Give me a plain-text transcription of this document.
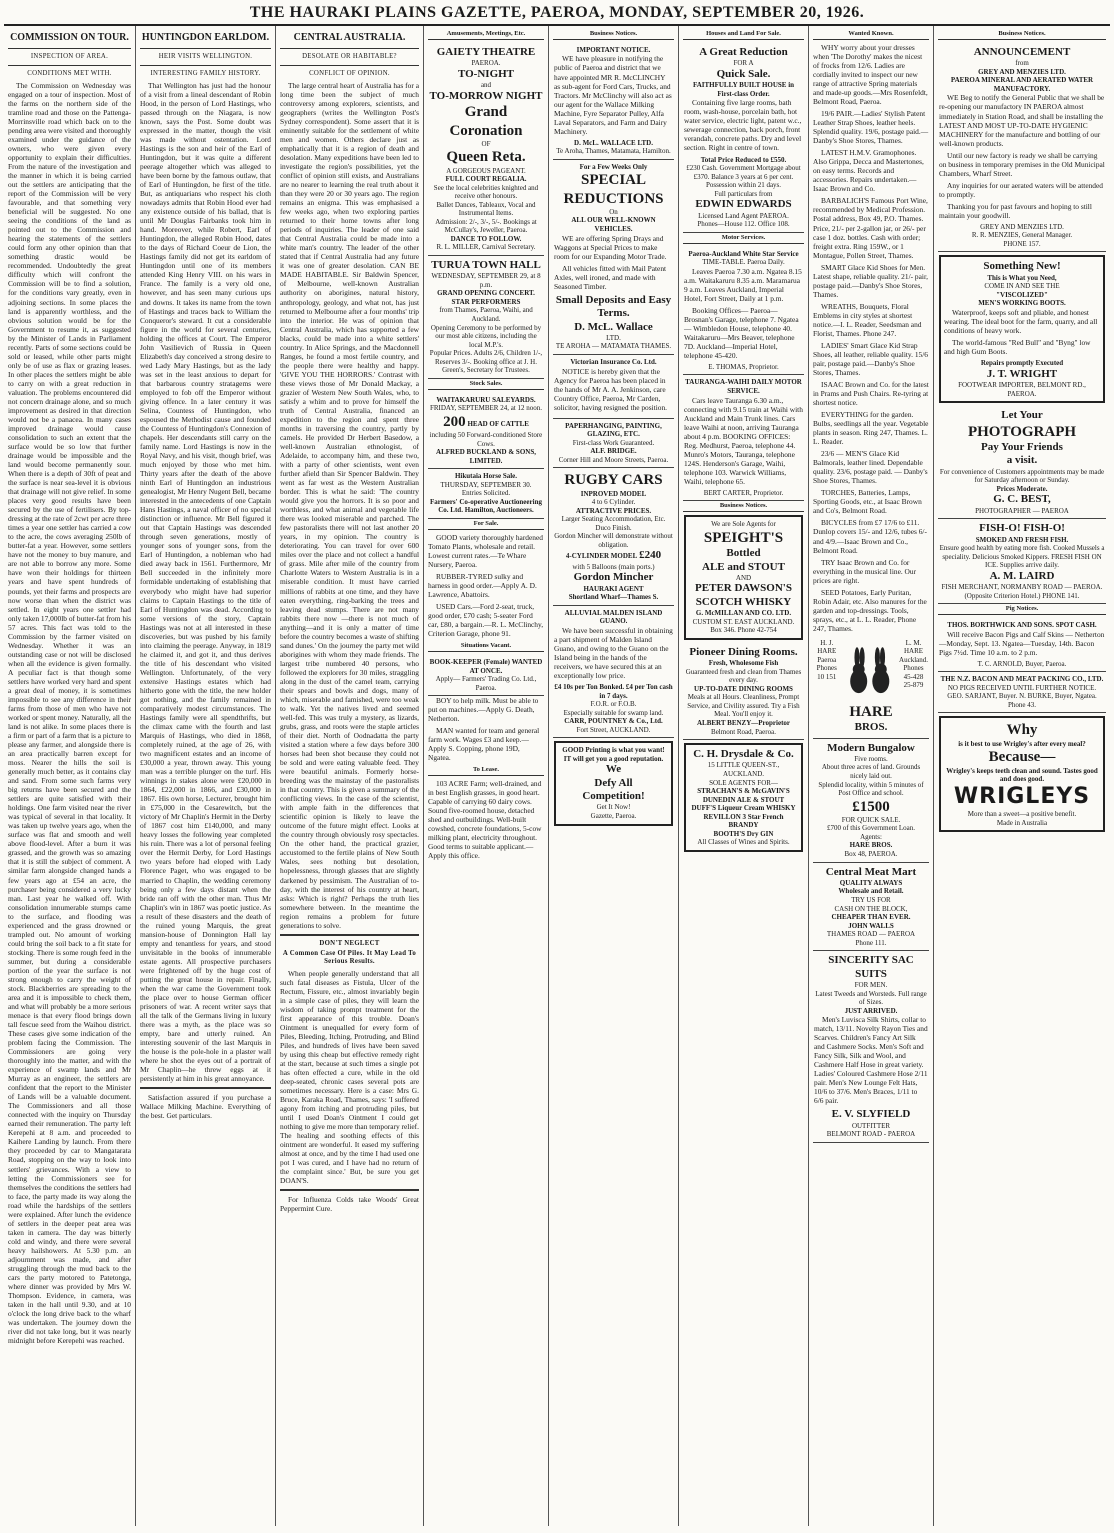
THE HAURAKI PLAINS GAZETTE, PAEROA, MONDAY, SEPTEMBER 20, 1926.
COMMISSION ON TOUR.
INSPECTION OF AREA.
CONDITIONS MET WITH.

The Commission on Wednesday was engaged on a tour of inspection. Most of the farms on the northern side of the tramline road and those on the Pattenga-Morrinsville road which back on to the pending area were visited and thoroughly examined under the guidance of the owners, who were given every opportunity to explain their difficulties. From the nature of the investigation and the manner in which it is being carried out the settlers are anticipating that the report of the Commission will be very favourable, and that something very beneficial will be suggested. No one seeing the conditions of the land as pointed out to the Commission and hearing the statements of the settlers could form any other opinion than that something drastic would be recommended. Undoubtedly the great difficulty which will confront the Commission will be to find a solution, for the conditions vary greatly, even in adjoining sections. In some places the land is apparently worthless, and the obvious solution would be for the Government to resume it, as suggested by the Minister of Lands in Parliament recently. Parts of some sections could be sold or leased, while other parts might only be of use as flax or grazing leases. In other places the settlers might be able to carry on with a great reduction in valuation. The problems encountered did not concern drainage alone, and so much improvement as desired in that direction would not be a panacea. In many cases improved drainage would cause consolidation to such an extent that the surface would be so low that further drainage would be impossible and the land would become permanently sour. When there is a depth of 30ft of peat and the surface is near sea-level it is obvious that drainage will not give relief. In some places very good results have been secured by the use of fertilisers. By top-dressing at the rate of 2cwt per acre three times a year one settler has carried a cow to the acre, the cows averaging 250lb of butter-fat a year. However, some settlers have not the money to buy manure, and are not able to borrow any more. Some have won their holdings for thirteen years and have spent hundreds of pounds, yet their farms and prospects are now worse than when the district was settled. In eight years one settler had only taken 17,000lb of butter-fat from his 57 acres. This fact was told to the Commission by the farmer visited on Wednesday. Whether it was an outstanding case or not will be disclosed when all the evidence is given formally. A peculiar fact is that though some settlers have worked very hard and spent a great deal of money, it is sometimes impossible to see any difference in their farms from those of men who have not worked or spent money. Naturally, all the land is not alike. In some places there is a firm or part of a farm that is a picture to please any farmer, and alongside there is an area practically barren except for moss. Nearer the hills the soil is generally much better, as it contains clay and sand. From some such farms very big returns have been secured and the settlers are quite satisfied with their holdings. One farm visited near the river was typical of several in that locality. It was taken up twelve years ago, when the surface was flat and smooth and well above flood-level. After a burn it was grassed, and the growth was so amazing that it is still the subject of comment. A similar farm alongside changed hands a few years ago at £54 an acre, the purchaser being considered a very lucky man. Last year he walked off. With consolidation innumerable stumps came to the surface, and flooding was experienced and the grass drowned or trampled out. No amount of working could bring the soil back to a fit state for stocking. There is some rough feed in the summer, but during a considerable portion of the year the surface is not strong enough to carry the weight of stock. Blackberries are spreading to the area and it is impossible to check them, and what will probably be a more serious menace is that every flood brings down tall fescue seed from the Waihou district. These cases give some indication of the problem facing the Commission. The Commissioners are going very thoroughly into the matter, and with the experience of swamp lands and Mr Murray as an engineer, the settlers are confident that the report to the Minister of Lands will be a valuable document. The Commissioners and all those connected with the inquiry on Thursday earned their remuneration. The party left Kerepehi at 8 a.m. and proceeded to Kaihere Landing by launch. From there they proceeded by car to Mangatarata Road, stopping on the way to look into settlers' grievances. With a view to letting the Commissioners see for themselves the conditions the settlers had to face, the party made its way along the road while the hardships of the settlers were explained. After lunch the evidence of settlers in the deeper peat area was taken in camera. The day was bitterly cold and windy, and there were several heavy hailshowers. At 5.30 p.m. an adjournment was made, and after struggling through the mud back to the cars the party motored to Patetonga, where dinner was provided by Mrs W. Thompson. Evidence, in camera, was taken in the hall until 9.30, and at 10 o'clock the long drive back to the wharf was undertaken. The journey down the river did not take long, but it was nearly midnight before Kerepehi was reached.

HUNTINGDON EARLDOM.
HEIR VISITS WELLINGTON.
INTERESTING FAMILY HISTORY.

That Wellington has just had the honour of a visit from a lineal descendant of Robin Hood, in the person of Lord Hastings, who passed through on the Niagara, is now known, says the Post. Some doubt was expressed in the matter, though the visit was made without ostentation. Lord Hastings is the son and heir of the Earl of Huntingdon, but it was quite a different peerage altogether which was alleged to have been borne by the famous outlaw, that of Earl of Huntingdon, he first of the title. But, as antiquarians who respect his cloth nowadays admits that Robin Hood ever had any existence outside of his ballad, that is until Mr Douglas Fairbanks took him in hand. Moreover, while Robert, Earl of Huntingdon, the alleged Robin Hood, dates to the days of Richard Coeur de Lion, the Hastings family did not get its earldom of Huntingdon until one of its members attended King Henry VIII. on his wars in France. The family is a very old one, however, and has seen many curious ups and downs. It takes its name from the town of Hastings and traces back to William the Conqueror's steward. It cut a considerable figure in the world for several centuries, holding the offices at Court. The Emperor John Vasilievich of Russia in Queen Elizabeth's day conceived a strong desire to wed Lady Mary Hastings, but as the lady was set in the least anxious to depart for that barbarous country stratagems were employed to fob off the Emperor without giving offence. In a later century it was Selina, Countess of Huntingdon, who espoused the Methodist cause and founded the Countess of Huntingdon's Connexion of chapels. Her descendants still carry on the family name. Lord Hastings is now in the Royal Navy, and his visit, though brief, was much enjoyed by those who met him. Thirty years after the death of the above ninth Earl of Huntingdon an industrious genealogist, Mr Henry Nugent Bell, became interested in the antecedents of one Captain Hans Hastings, a naval officer of no special distinction or influence. Mr Bell figured it out that Captain Hastings was descended through seven generations, mostly of younger sons of younger sons, from the Earl of Huntingdon, a nobleman who had died away back in 1561. Furthermore, Mr Bell succeeded in the infinitely more formidable undertaking of establishing that everybody who might have had superior claims to Captain Hastings to the title of Earl of Huntingdon was dead. According to some versions of the story, Captain Hastings was not at all interested in these discoveries, but was pushed by his family into claiming the peerage. Anyway, in 1819 he claimed it, and got it, and thus derives the title of his descendant who visited Wellington. Unfortunately, of the very extensive Hastings estates which had hitherto gone with the title, the new holder got nothing, and the family remained in comparatively modest circumstances. The Hastings family were all spendthrifts, but the climax came with the fourth and last Marquis of Hastings, who died in 1868, completely ruined, at the age of 26, with two magnificent estates and an income of £30,000 a year, thrown away. This young man was a terrible plunger on the turf. His winnings in stakes alone were £20,000 in 1864, £22,000 in 1866, and £30,000 in 1867. His own horse, Lecturer, brought him in £75,000 in the Cesarewitch, but the victory of Mr Chaplin's Hermit in the Derby of 1867 cost him £140,000, and many heavy losses the following year completed his ruin. There was a lot of personal feeling over the Hermit Derby, for Lord Hastings two years before had eloped with Lady Florence Paget, who was engaged to be married to Chaplin, the wedding ceremony being only a few days distant when the bride ran off with the other man. Thus Mr Chaplin's win in 1867 was poetic justice. As a result of these disasters and the death of the ruined young Marquis, the great mansion-house of Donnington Hall lay empty and tenantless for years, and stood unvisitable in the books of innumerable estate agents. All prospective purchasers were frightened off by the huge cost of putting the great house in repair. Finally, when the war came the Government took the place over to house German officer prisoners of war. A recent writer says that all the talk of the Germans living in luxury there was a myth, as the place was so empty, bare and utterly ruined. An interesting souvenir of the last Marquis in the house is the pole-hole in a plaster wall where he shot the eyes out of a portrait of Mr Chaplin—he threw eggs at it persistently at him in his great annoyance.

Satisfaction assured if you purchase a Wallace Milking Machine. Everything of the best. Get particulars.

CENTRAL AUSTRALIA.
DESOLATE OR HABITABLE?
CONFLICT OF OPINION.

The large central heart of Australia has for a long time been the subject of much controversy among explorers, scientists, and geographers (writes the Wellington Post's Sydney correspondent). Some assert that it is eminently suitable for the settlement of white men and women. Others declare just as emphatically that it is a region of death and desolation. Many expeditions have been led to investigate the region's possibilities, yet the conflict of opinion still exists, and Australians are no nearer to learning the real truth about it than they were 20 or 30 years ago. The region remains an enigma. This was emphasised a few weeks ago, when two exploring parties returned to their home towns after long periods of inquiries. The leader of one said that Central Australia could be made into a white man's country. The leader of the other stated that if Central Australia had any future it was one of greater desolation. CAN BE MADE HABITABLE. Sir Baldwin Spencer, of Melbourne, well-known Australian authority on aborigines, natural history, anthropology, geology, and what not, has just returned to Melbourne after a four months' trip into the interior. He was of opinion that Central Australia, which has supported a few blacks, could be made into a white settlers' country. In Alice Springs, and the Macdonnell Ranges, he found a most fertile country, and the people there were healthy and happy. 'GIVE YOU THE HORRORS.' Contrast with these views those of Mr Donald Mackay, a grazier of Western New South Wales, who, to satisfy a whim and to prove for himself the truth of Central Australia, financed an expedition to the region and spent three months in traversing the country, partly by camels. He provided Dr Herbert Basedow, a well-known Australian ethnologist, of Adelaide, to accompany him, and these two, with a party of other scientists, went even further afield than Sir Spencer Baldwin. They went as far west as the Western Australian border. This is what he said: 'The country would give you the horrors. It is so poor and worthless, and what animal and vegetable life there was looked miserable and parched. The few pastoralists there will not last another 20 years, in my opinion. The country is deteriorating. You can travel for over 600 miles over the place and not collect a handful of grass. Mile after mile of the country from Charlotte Waters to Western Australia is in a miserable condition. It must have carried millions of rabbits at one time, and they have eaten everything, ring-barking the trees and leaving dead stumps. There are not many rabbits there now —there is not much of anything—and it is only a matter of time before the country becomes a waste of shifting sand dunes.' On the journey the party met wild aborigines with whom they made friends. The largest tribe numbered 40 persons, who followed the explorers for 30 miles, straggling along in the dust of the camel team, carrying their spears and bowls and dogs, many of which, miserable and famished, were too weak to walk. Yet the natives lived and seemed well-fed. This was truly a mystery, as lizards, grubs, grass, and roots were the staple articles of their diet. North of Oodnadatta the party visited a station where a few days before 300 horses had been shot because they could not be sold and were eating valuable feed. They were beautiful animals. Formerly horse-breeding was the mainstay of the pastoralists in that country. This is given a summary of the conflicting views. In the case of the scientist, with ample faith in the differences that scientific opinion is likely to leave the outcome of the future might effect. Looks at the country through obviously rosy spectacles. On the other hand, the practical grazier, accustomed to the fertile plains of New South Wales, sees nothing but desolation, hopelessness, through glasses that are slightly darkened by pessimism. The Australian of to-day, with the interest of his country at heart, asks: Which is right? Perhaps the truth lies somewhere between. In the meantime the region remains a problem for future generations to solve.

DON'T NEGLECT
A Common Case Of Piles. It May Lead To Serious Results.

When people generally understand that all such fatal diseases as Fistula, Ulcer of the Rectum, Fissure, etc., almost invariably begin in a simple case of piles, they will learn the wisdom of taking prompt treatment for the first appearance of this trouble. Doan's Ointment is unequalled for every form of Piles, Bleeding, Itching, Protruding, and Blind Piles, and hundreds of lives have been saved by using this cheap but effective remedy right at the start, because at such times a single pot has often effected a cure, while in the old deep-seated, chronic cases several pots are sometimes necessary. Here is a case: Mrs G. Bruce, Karaka Road, Thames, says: 'I suffered agony from itching and protruding piles, but until I used Doan's Ointment I could get nothing to give me more than temporary relief. The healing and soothing effects of this ointment are wonderful. It eased my suffering almost at once, and by the time I had used one pot I was cured, and I have had no return of the complaint since.' But, be sure you get DOAN'S.

For Influenza Colds take Woods' Great Peppermint Cure.

Amusements, Meetings, Etc.
GAIETY THEATRE
PAEROA.
TO-NIGHT
and
TO-MORROW NIGHT
Grand Coronation
OF
Queen Reta.
A GORGEOUS PAGEANT.
FULL COURT REGALIA.
See the local celebrities knighted and receive other honours.
Ballet Dances, Tableaux, Vocal and Instrumental Items.
Admission: 2/-, 3/-, 5/-. Bookings at McCullay's, Jeweller, Paeroa.
DANCE TO FOLLOW.
R. L. MILLER, Carnival Secretary.
TURUA TOWN HALL
WEDNESDAY, SEPTEMBER 29, at 8 p.m.
GRAND OPENING CONCERT.
STAR PERFORMERS
from Thames, Paeroa, Waihi, and Auckland.
Opening Ceremony to be performed by our most able citizens, including the local M.P.'s.
Popular Prices. Adults 2/6, Children 1/-, Reserves 3/-. Booking office at J. H. Green's, Secretary for Trustees.
Stock Sales.
WAITAKARURU SALEYARDS.
FRIDAY, SEPTEMBER 24, at 12 noon.
200 HEAD OF CATTLE
including 50 Forward-conditioned Store Cows.
ALFRED BUCKLAND & SONS, LIMITED.
Hikutaia Horse Sale.
THURSDAY, SEPTEMBER 30.
Entries Solicited.
Farmers' Co-operative Auctioneering Co. Ltd. Hamilton, Auctioneers.
For Sale.

GOOD variety thoroughly hardened Tomato Plants, wholesale and retail. Lowest current rates.—Te Whare Nursery, Paeroa.

RUBBER-TYRED sulky and harness in good order.—Apply A. D. Lawrence, Abattoirs.

USED Cars.—Ford 2-seat, truck, good order, £70 cash; 5-seater Ford car, £80, a bargain.—R. L. McClinchy, Criterion Garage, phone 91.

Situations Vacant.
BOOK-KEEPER (Female) WANTED AT ONCE.
Apply— Farmers' Trading Co. Ltd., Paeroa.

BOY to help milk. Must be able to put on machines.—Apply G. Death, Netherton.

MAN wanted for team and general farm work. Wages £3 and keep.—Apply S. Copping, phone 19D, Ngatea.

To Lease.

103 ACRE Farm; well-drained, and in best English grasses, in good heart. Capable of carrying 60 dairy cows. Sound five-roomed house, detached shed and outbuildings. Well-built cowshed, concrete foundations, 5-cow milking plant, electricity throughout. Good terms to suitable applicant.—Apply this office.

Business Notices.
IMPORTANT NOTICE.

WE have pleasure in notifying the public of Paeroa and district that we have appointed MR R. McCLINCHY as sub-agent for Ford Cars, Trucks, and Tractors. Mr McClinchy will also act as our agent for the Wallace Milking Machine, Fyre Separator Pulley, Alfa Laval Separators, and Farm and Dairy Machinery.

D. McL. WALLACE LTD.
Te Aroha, Thames, Matamata, Hamilton.
For a Few Weeks Only
SPECIAL REDUCTIONS
On
ALL OUR WELL-KNOWN VEHICLES.

WE are offering Spring Drays and Waggons at Special Prices to make room for our Expanding Motor Trade.

All vehicles fitted with Mail Patent Axles, well ironed, and made with Seasoned Timber.

Small Deposits and Easy Terms.
D. McL. Wallace
LTD.
TE AROHA — MATAMATA THAMES.
Victorian Insurance Co. Ltd.

NOTICE is hereby given that the Agency for Paeroa has been placed in the hands of Mr A. A. Jenkinson, care Country Office, Paeroa, Mr Carden, solicitor, having resigned the position.

PAPERHANGING, PAINTING, GLAZING, ETC.
First-class Work Guaranteed.
ALF. BRIDGE.
Corner Hill and Moore Streets, Paeroa.
RUGBY CARS
INPROVED MODEL
4 to 6 Cylinder.
ATTRACTIVE PRICES.
Larger Seating Accommodation, Etc. Duco Finish.
Gordon Mincher will demonstrate without obligation.
4-CYLINDER MODEL £240
with 5 Balloons (main ports.)
Gordon Mincher
HAURAKI AGENT
Shortland Wharf—Thames S.
ALLUVIAL MALDEN ISLAND GUANO.

We have been successful in obtaining a part shipment of Malden Island Guano, and owing to the Guano on the Island being in the hands of the receivers, we have secured this at an exceptionally low price.

£4 10s per Ton Bonked. £4 per Ton cash in 7 days.
F.O.R. or F.O.B.
Especially suitable for swamp land.
CARR, POUNTNEY & Co., Ltd.
Fort Street, AUCKLAND.
GOOD Printing is what you want!
IT will get you a good reputation.
We
Defy All
Competition!
Get It Now!
Gazette, Paeroa.
Houses and Land For Sale.
A Great Reduction
FOR A
Quick Sale.
FAITHFULLY BUILT HOUSE in First-class Order.

Containing five large rooms, bath room, wash-house, porcelain bath, hot water service, electric light, patent w.c., sewerage connection, back porch, front verandah, concrete paths. Dry and level section. Right in centre of town.

Total Price Reduced to £550.
£230 Cash. Government Mortgage about £370. Balance 3 years at 6 per cent.
Possession within 21 days.
Full particulars from
EDWIN EDWARDS
Licensed Land Agent PAEROA.
Phones—House 112. Office 108.
Motor Services.
Paeroa-Auckland White Star Service
TIME-TABLE. Paeroa Daily.

Leaves Paeroa 7.30 a.m. Ngatea 8.15 a.m. Waitakaruru 8.35 a.m. Maramarua 9 a.m. Leaves Auckland, Imperial Hotel, Fort Street, Daily at 1 p.m.

Booking Offices— Paeroa—Brosnan's Garage, telephone 7. Ngatea — Wimbledon House, telephone 40. Waitakaruru—Mrs Beaver, telephone 7D. Auckland—Imperial Hotel, telephone 45-420.

E. THOMAS, Proprietor.
TAURANGA-WAIHI DAILY MOTOR SERVICE.

Cars leave Tauranga 6.30 a.m., connecting with 9.15 train at Waihi with Auckland and Main Trunk lines. Cars leave Waihi at noon, arriving Tauranga about 4 p.m. BOOKING OFFICES: Reg. Medhurst, Paeroa, telephone 44. Munro's Motors, Tauranga, telephone 124S. Henderson's Garage, Waihi, telephone 103. Warwick Williams, Waihi, telephone 65.

BERT CARTER, Proprietor.
Business Notices.
We are Sole Agents for
SPEIGHT'S
Bottled
ALE and STOUT
AND
PETER DAWSON'S
SCOTCH WHISKY
G. McMILLAN AND CO. LTD.
CUSTOM ST. EAST AUCKLAND.
Box 346. Phone 42-754
Pioneer Dining Rooms.
Fresh, Wholesome Fish
Guaranteed fresh and clean from Thames every day.
UP-TO-DATE DINING ROOMS
Meals at all Hours. Cleanliness, Prompt Service, and Civility assured. Try a Fish Meal. You'll enjoy it.
ALBERT BENZY—Proprietor
Belmont Road, Paeroa.
C. H. Drysdale & Co.
15 LITTLE QUEEN-ST., AUCKLAND.
SOLE AGENTS FOR—
STRACHAN'S & McGAVIN'S
DUNEDIN ALE & STOUT
DUFF'S Liqueur Cream WHISKY
REVILLON 3 Star French BRANDY
BOOTH'S Dry GIN
All Classes of Wines and Spirits.
Wanted Known.

WHY worry about your dresses when 'The Dorothy' makes the nicest of frocks from 12/6. Ladies are cordially invited to inspect our new range of attractive Spring materials and made-up goods.—Mrs Rosenfeldt, Belmont Road, Paeroa.

19/6 PAIR.—Ladies' Stylish Patent Leather Strap Shoes, leather heels. Splendid quality. 19/6, postage paid.—Danby's Shoe Stores, Thames.

LATEST H.M.V. Gramophones. Also Grippa, Decca and Mastertones, on easy terms. Records and accessories. Repairs undertaken.—Isaac Brown and Co.

BARBALICH'S Famous Port Wine, recommended by Medical Profession. Postal address, Box 49, P.O. Thames. Price, 21/- per 2-gallon jar, or 26/- per case 1 doz. bottles. Cash with order; freight extra. Ring 159W., or 1 Montague, Pollen Street, Thames.

SMART Glace Kid Shoes for Men. Latest shape, reliable quality. 21/- pair, postage paid.—Danby's Shoe Stores, Thames.

WREATHS, Bouquets, Floral Emblems in city styles at shortest notice.—I. L. Reader, Seedsman and Florist, Thames. Phone 247.

LADIES' Smart Glace Kid Strap Shoes, all leather, reliable quality. 15/6 pair, postage paid.—Danby's Shoe Stores, Thames.

ISAAC Brown and Co. for the latest in Prams and Push Chairs. Re-tyring at shortest notice.

EVERYTHING for the garden. Bulbs, seedlings all the year. Vegetable plants in season. Ring 247, Thames. L. L. Reader.

23/6 — MEN'S Glace Kid Balmorals, leather lined. Dependable quality. 23/6, postage paid. — Danby's Shoe Stores, Thames.

TORCHES, Batteries, Lamps, Sporting Goods, etc., at Isaac Brown and Co's, Belmont Road.

BICYCLES from £7 17/6 to £11. Dunlop covers 15/- and 12/6, tubes 6/- and 4/9.—Isaac Brown and Co., Belmont Road.

TRY Isaac Brown and Co. for everything in the musical line. Our prices are right.

SEED Potatoes, Early Puritan, Robin Adair, etc. Also manures for the garden and top-dressings. Tools, sprays, etc., at L. L. Reader, Phone 247, Thames.

H. J. HARE Paeroa Phones 10 151
L. M. HARE Auckland. Phones 45-428 25-879
HARE
BROS.
Modern Bungalow
Five rooms.
About three acres of land. Grounds nicely laid out.
Splendid locality, within 5 minutes of Post Office and school.
£1500
FOR QUICK SALE.
£700 of this Government Loan.
Agents:
HARE BROS.
Box 48, PAEROA.
Central Meat Mart
QUALITY ALWAYS
Wholesale and Retail.
TRY US FOR
CASH ON THE BLOCK,
CHEAPER THAN EVER.
JOHN WALLS
THAMES ROAD — PAEROA
Phone 111.
SINCERITY SAC SUITS
FOR MEN.
Latest Tweeds and Worsteds. Full range of Sizes.
JUST ARRIVED.

Men's Luvisca Silk Shirts, collar to match, 13/11. Novelty Rayon Ties and Scarves. Children's Fancy Art Silk and Cashmere Socks. Men's Soft and Fancy Silk, Silk and Wool, and Cashmere Half Hose in great variety. Ladies' Coloured Cashmere Hose 2/11 pair. Men's New Lounge Felt Hats, 10/6 to 37/6. Men's Braces, 1/11 to 6/6 pair.

E. V. SLYFIELD
OUTFITTER
BELMONT ROAD - PAEROA
Business Notices.
ANNOUNCEMENT
from
GREY AND MENZIES LTD.
PAEROA MINERAL AND AERATED WATER MANUFACTORY.

WE Beg to notify the General Public that we shall be re-opening our manufactory IN PAEROA almost immediately in Station Road, and shall be installing the LATEST AND MOST UP-TO-DATE HYGIENIC MACHINERY for the manufacture and bottling of our well-known products.

Until our new factory is ready we shall be carrying on business in temporary premises in the Old Municipal Chambers, Wharf Street.

Any inquiries for our aerated waters will be attended to promptly.

Thanking you for past favours and hoping to still maintain your goodwill.

GREY AND MENZIES LTD.
R. R. MENZIES, General Manager.
PHONE 157.
Something New!
This is What you Need,
COME IN AND SEE THE
"VISCOLIZED"
MEN'S WORKING BOOTS.

Waterproof, keeps soft and pliable, and honest wearing. The ideal boot for the farm, quarry, and all conditions of heavy work.

The world-famous "Red Bull" and "Byng" low and high Gum Boots.

Repairs promptly Executed
J. T. WRIGHT
FOOTWEAR IMPORTER, BELMONT RD., PAEROA.
Let Your
PHOTOGRAPH
Pay Your Friends
a visit.
For convenience of Customers appointments may be made for Saturday afternoon or Sunday.
Prices Moderate.
G. C. BEST,
PHOTOGRAPHER — PAEROA
FISH-O! FISH-O!
SMOKED AND FRESH FISH.
Ensure good health by eating more fish. Cooked Mussels a speciality. Delicious Smoked Kippers. FRESH FISH ON ICE. Supplies arrive daily.
A. M. LAIRD
FISH MERCHANT, NORMANBY ROAD — PAEROA. (Opposite Criterion Hotel.) PHONE 141.
Pig Notices.
THOS. BORTHWICK AND SONS. SPOT CASH.

Will receive Bacon Pigs and Calf Skins — Netherton—Monday, Sept. 13. Ngatea—Tuesday, 14th. Bacon Pigs 7½d. Time 10 a.m. to 2 p.m.

T. C. ARNOLD, Buyer, Paeroa.
THE N.Z. BACON AND MEAT PACKING CO., LTD.
NO PIGS RECEIVED UNTIL FURTHER NOTICE.
GEO. SARJANT, Buyer. N. BURKE, Buyer, Ngatea.
Phone 43.
Why
is it best to use Wrigley's after every meal?
Because—
Wrigley's keeps teeth clean and sound. Tastes good and does good.
WRIGLEYS
More than a sweet—a positive benefit.
Made in Australia
